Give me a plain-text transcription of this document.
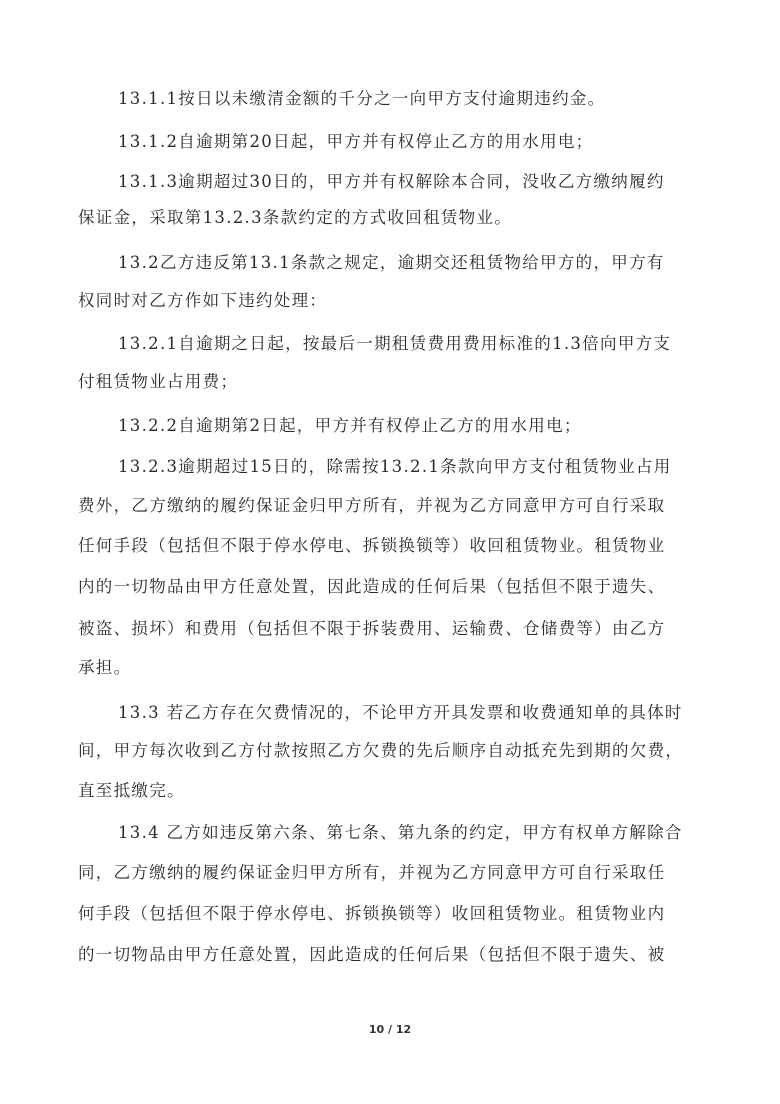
13.1.1按日以未缴清金额的千分之一向甲方支付逾期违约金。
13.1.2自逾期第20日起，甲方并有权停止乙方的用水用电；
13.1.3逾期超过30日的，甲方并有权解除本合同，没收乙方缴纳履约
保证金，采取第13.2.3条款约定的方式收回租赁物业。
13.2乙方违反第13.1条款之规定，逾期交还租赁物给甲方的，甲方有
权同时对乙方作如下违约处理：
13.2.1自逾期之日起，按最后一期租赁费用费用标准的1.3倍向甲方支
付租赁物业占用费；
13.2.2自逾期第2日起，甲方并有权停止乙方的用水用电；
13.2.3逾期超过15日的，除需按13.2.1条款向甲方支付租赁物业占用
费外，乙方缴纳的履约保证金归甲方所有，并视为乙方同意甲方可自行采取
任何手段（包括但不限于停水停电、拆锁换锁等）收回租赁物业。租赁物业
内的一切物品由甲方任意处置，因此造成的任何后果（包括但不限于遗失、
被盗、损坏）和费用（包括但不限于拆装费用、运输费、仓储费等）由乙方
承担。
13.3 若乙方存在欠费情况的，不论甲方开具发票和收费通知单的具体时
间，甲方每次收到乙方付款按照乙方欠费的先后顺序自动抵充先到期的欠费，
直至抵缴完。
13.4 乙方如违反第六条、第七条、第九条的约定，甲方有权单方解除合
同，乙方缴纳的履约保证金归甲方所有，并视为乙方同意甲方可自行采取任
何手段（包括但不限于停水停电、拆锁换锁等）收回租赁物业。租赁物业内
的一切物品由甲方任意处置，因此造成的任何后果（包括但不限于遗失、被
10 / 12
